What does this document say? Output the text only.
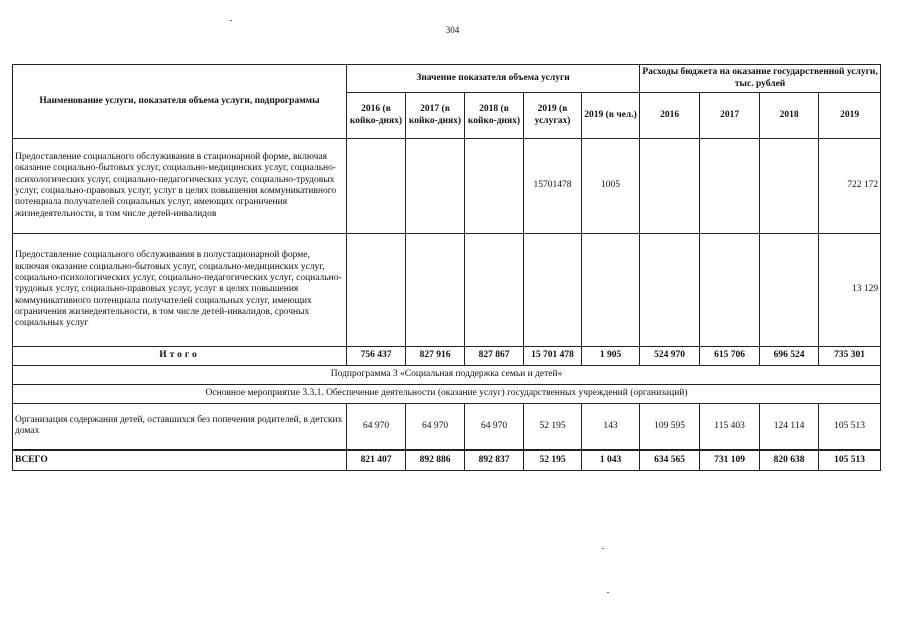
304
Наименование услуги, показателя объема услуги, подпрограммы	Значение показателя объема услуги					Расходы бюджета на оказание государственной услуги, тыс. рублей			
	2016 (в койко-днях)	2017 (в койко-днях)	2018 (в койко-днях)	2019 (в услугах)	2019 (в чел.)	2016	2017	2018	2019
Предоставление социального обслуживания в стационарной форме, включая оказание социально-бытовых услуг, социально-медицинских услуг, социально-психологических услуг, социально-педагогических услуг, социально-трудовых услуг, социально-правовых услуг, услуг в целях повышения коммуникативного потенциала получателей социальных услуг, имеющих ограничения жизнедеятельности, в том числе детей-инвалидов				15701478	1005				722 172
Предоставление социального обслуживания в полустационарной форме, включая оказание социально-бытовых услуг, социально-медицинских услуг, социально-психологических услуг, социально-педагогических услуг, социально-трудовых услуг, социально-правовых услуг, услуг в целях повышения коммуникативного потенциала получателей социальных услуг, имеющих ограничения жизнедеятельности, в том числе детей-инвалидов, срочных социальных услуг									13 129
Итого	756 437	827 916	827 867	15 701 478	1 905	524 970	615 706	696 524	735 301
Подпрограмма 3 «Социальная поддержка семьи и детей»									
Основное мероприятие 3.3.1. Обеспечение деятельности (оказание услуг) государственных учреждений (организаций)									
Организация содержания детей, оставшихся без попечения родителей, в детских домах	64 970	64 970	64 970	52 195	143	109 595	115 403	124 114	105 513
ВСЕГО	821 407	892 886	892 837	52 195	1 043	634 565	731 109	820 638	105 513
